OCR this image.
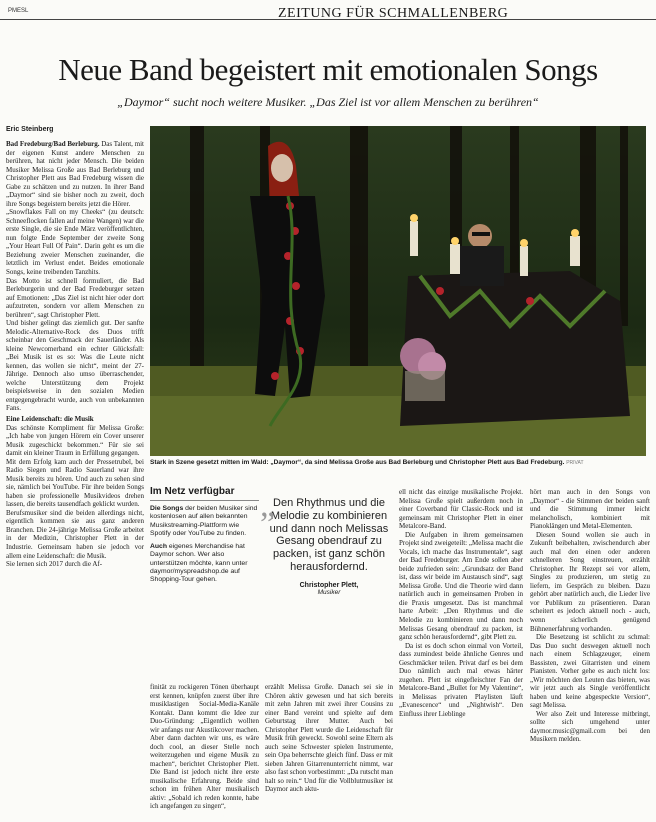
PMESL	ZEITUNG FÜR SCHMALLENBERG
Neue Band begeistert mit emotionalen Songs
„Daymor“ sucht noch weitere Musiker. „Das Ziel ist vor allem Menschen zu berühren“
Eric Steinberg

Bad Fredeburg/Bad Berleburg. Das Talent, mit der eigenen Kunst andere Menschen zu berühren, hat nicht jeder Mensch. Die beiden Musiker Melissa Große aus Bad Berleburg und Christopher Plett aus Bad Fredeburg wissen die Gabe zu schätzen und zu nutzen. In ihrer Band „Daymor“ sind sie bisher noch zu zweit, doch ihre Songs begeistern bereits jetzt die Hörer.

„Snowflakes Fall on my Cheeks“ (zu deutsch: Schneeflocken fallen auf meine Wangen) war die erste Single, die sie Ende März veröffentlichten, nun folgte Ende September der zweite Song „Your Heart Full Of Pain“. Darin geht es um die Beziehung zweier Menschen zueinander, die letztlich im Verlust endet. Beides emotionale Songs, keine treibenden Tanzhits.

Das Motto ist schnell formuliert, die Bad Berleburgerin und der Bad Fredeburger setzen auf Emotionen: „Das Ziel ist nicht hier oder dort aufzutreten, sondern vor allem Menschen zu berühren“, sagt Christopher Plett.

Und bisher gelingt das ziemlich gut. Der sanfte Melodic-Alternative-Rock des Duos trifft scheinbar den Geschmack der Sauerländer. Als kleine Newcomerband ein echter Glücksfall: „Bei Musik ist es so: Was die Leute nicht kennen, das wollen sie nicht“, meint der 27-Jährige. Dennoch also umso überraschender, welche Unterstützung dem Projekt beispielsweise in den sozialen Medien entgegengebracht wurde, auch von unbekannten Fans.

Eine Leidenschaft: die Musik

Das schönste Kompliment für Melissa Große: „Ich habe von jungen Hörern ein Cover unserer Musik zugeschickt bekommen.“ Für sie sei damit ein kleiner Traum in Erfüllung gegangen.

Mit dem Erfolg kam auch der Pressetrubel, bei Radio Siegen und Radio Sauerland war ihre Musik bereits zu hören. Und auch zu sehen sind sie, nämlich bei YouTube. Für ihre beiden Songs haben sie professionelle Musikvideos drehen lassen, die bereits tausendfach geklickt wurden.

Berufsmusiker sind die beiden allerdings nicht, eigentlich kommen sie aus ganz anderen Branchen. Die 24-jährige Melissa Große arbeitet in der Medizin, Christopher Plett in der Industrie. Gemeinsam haben sie jedoch vor allem eine Leidenschaft: die Musik.

Sie lernen sich 2017 durch die Af-

Stark in Szene gesetzt mitten im Wald: „Daymor“, da sind Melissa Große aus Bad Berleburg und Christopher Plett aus Bad Fredeburg. PRIVAT
Im Netz verfügbar

Die Songs der beiden Musiker sind kostenlosen auf allen bekannten Musikstreaming-Plattform wie Spotify oder YouTube zu finden.

Auch eigenes Merchandise hat Daymor schon. Wer also unterstützen möchte, kann unter daymor/myspreadshop.de auf Shopping-Tour gehen.

„
Den Rhythmus und die Melodie zu kombinieren und dann noch Melissas Gesang obendrauf zu packen, ist ganz schön herausfordernd.
Christopher Plett,
Musiker

finität zu rockigeren Tönen überhaupt erst kennen, knüpfen zuerst über ihre musiklastigen Social-Media-Kanäle Kontakt. Dann kommt die Idee zur Duo-Gründung: „Eigentlich wollten wir anfangs nur Akustikcover machen. Aber dann dachten wir uns, es wäre doch cool, an dieser Stelle noch weiterzugehen und eigene Musik zu machen“, berichtet Christopher Plett. Die Band ist jedoch nicht ihre erste musikalische Erfahrung. Beide sind schon im frühen Alter musikalisch aktiv: „Sobald ich reden konnte, habe ich angefangen zu singen“,

erzählt Melissa Große. Danach sei sie in Chören aktiv gewesen und hat sich bereits mit zehn Jahren mit zwei ihrer Cousins zu einer Band vereint und spielte auf dem Geburtstag ihrer Mutter. Auch bei Christopher Plett wurde die Leidenschaft für Musik früh geweckt. Sowohl seine Eltern als auch seine Schwester spielen Instrumente, sein Opa beherrschte gleich fünf. Dass er mit sieben Jahren Gitarrenunterricht nimmt, war also fast schon vorbestimmt: „Da rutscht man halt so rein.“ Und für die Vollblutmusiker ist Daymor auch aktu-

ell nicht das einzige musikalische Projekt. Melissa Große spielt außerdem noch in einer Coverband für Classic-Rock und ist gemeinsam mit Christopher Plett in einer Metalcore-Band.

Die Aufgaben in ihrem gemeinsamen Projekt sind zweigeteilt: „Melissa macht die Vocals, ich mache das Instrumentale“, sagt der Bad Fredeburger. Am Ende sollen aber beide zufrieden sein: „Grundsatz der Band ist, dass wir beide im Austausch sind“, sagt Melissa Große. Und die Theorie wird dann natürlich auch in gemeinsamen Proben in die Praxis umgesetzt. Das ist manchmal harte Arbeit: „Den Rhythmus und die Melodie zu kombinieren und dann noch Melissas Gesang obendrauf zu packen, ist ganz schön herausfordernd“, gibt Plett zu.

Da ist es doch schon einmal von Vorteil, dass zumindest beide ähnliche Genres und Geschmäcker teilen. Privat darf es bei dem Duo nämlich auch mal etwas härter zugehen. Plett ist eingefleischter Fan der Metalcore-Band „Bullet for My Valentine“, in Melissas privaten Playlisten läuft „Evanescence“ und „Nightwish“. Den Einfluss ihrer Lieblinge

hört man auch in den Songs von „Daymor“ - die Stimmen der beiden sanft und die Stimmung immer leicht melancholisch, kombiniert mit Pianoklängen und Metal-Elementen.

Diesen Sound wollen sie auch in Zukunft beibehalten, zwischendurch aber auch mal den einen oder anderen schnelleren Song einstreuen, erzählt Christopher. Ihr Rezept sei vor allem, Singles zu produzieren, um stetig zu liefern, im Gespräch zu bleiben. Dazu gehört aber natürlich auch, die Lieder live vor Publikum zu präsentieren. Daran scheitert es jedoch aktuell noch - auch, wenn sicherlich genügend Bühnenerfahrung vorhanden.

Die Besetzung ist schlicht zu schmal: Das Duo sucht deswegen aktuell noch nach einem Schlagzeuger, einem Bassisten, zwei Gitarristen und einem Pianisten. Vorher gehe es auch nicht los: „Wir möchten den Leuten das bieten, was wir jetzt auch als Single veröffentlicht haben und keine abgespeckte Version“, sagt Melissa.

Wer also Zeit und Interesse mitbringt, sollte sich umgehend unter daymor.music@gmail.com bei den Musikern melden.
